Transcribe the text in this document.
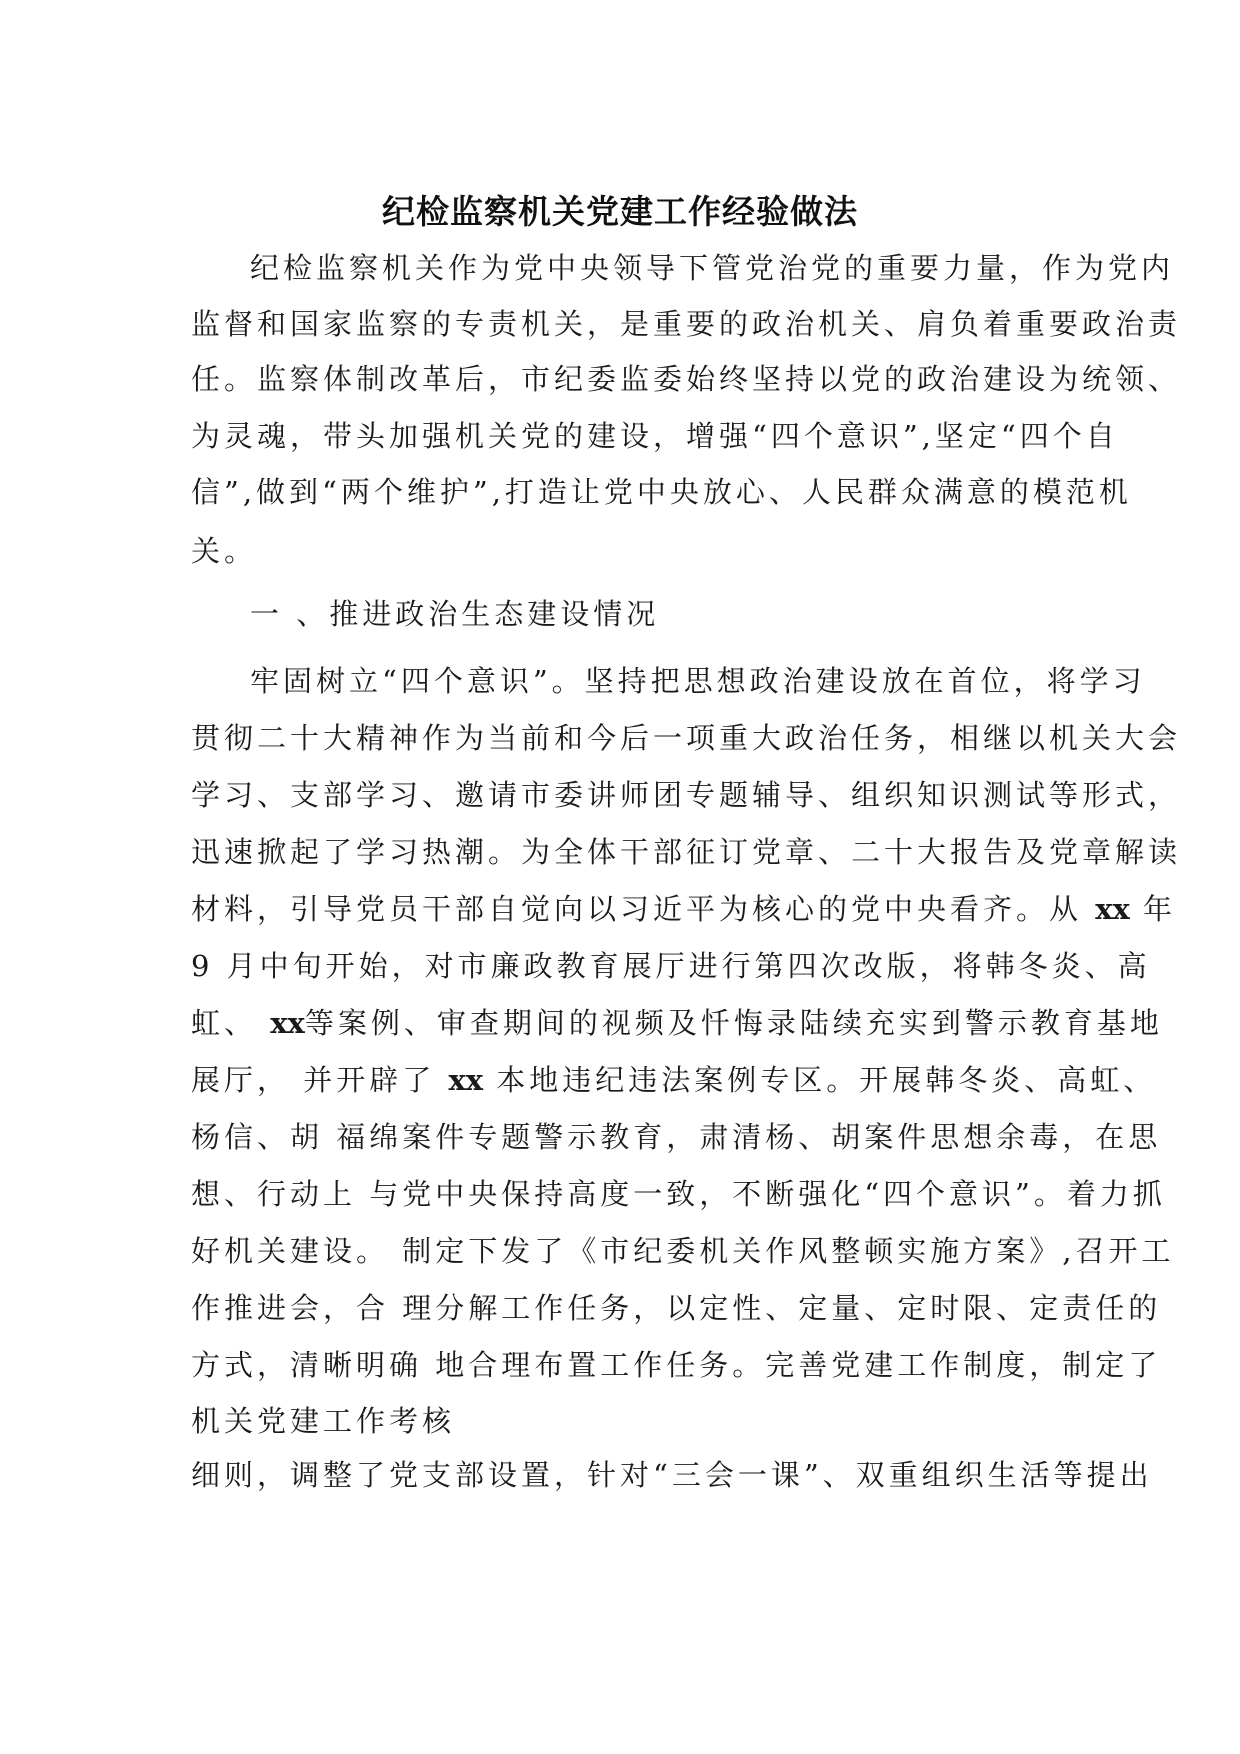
纪检监察机关党建工作经验做法
纪检监察机关作为党中央领导下管党治党的重要力量，作为党内
监督和国家监察的专责机关，是重要的政治机关、肩负着重要政治责
任。监察体制改革后，市纪委监委始终坚持以党的政治建设为统领、
为灵魂，带头加强机关党的建设，增强“四个意识”,坚定“四个自
信”,做到“两个维护”,打造让党中央放心、人民群众满意的模范机
关。
一 、推进政治生态建设情况
牢固树立“四个意识”。坚持把思想政治建设放在首位，将学习
贯彻二十大精神作为当前和今后一项重大政治任务，相继以机关大会
学习、支部学习、邀请市委讲师团专题辅导、组织知识测试等形式，
迅速掀起了学习热潮。为全体干部征订党章、二十大报告及党章解读
材料，引导党员干部自觉向以习近平为核心的党中央看齐。从 xx 年
9 月中旬开始，对市廉政教育展厅进行第四次改版，将韩冬炎、高
虹、 xx等案例、审查期间的视频及忏悔录陆续充实到警示教育基地
展厅， 并开辟了 xx 本地违纪违法案例专区。开展韩冬炎、高虹、
杨信、胡 福绵案件专题警示教育，肃清杨、胡案件思想余毒，在思
想、行动上 与党中央保持高度一致，不断强化“四个意识”。着力抓
好机关建设。 制定下发了《市纪委机关作风整顿实施方案》,召开工
作推进会，合 理分解工作任务，以定性、定量、定时限、定责任的
方式，清晰明确 地合理布置工作任务。完善党建工作制度，制定了
机关党建工作考核
细则，调整了党支部设置，针对“三会一课”、双重组织生活等提出
